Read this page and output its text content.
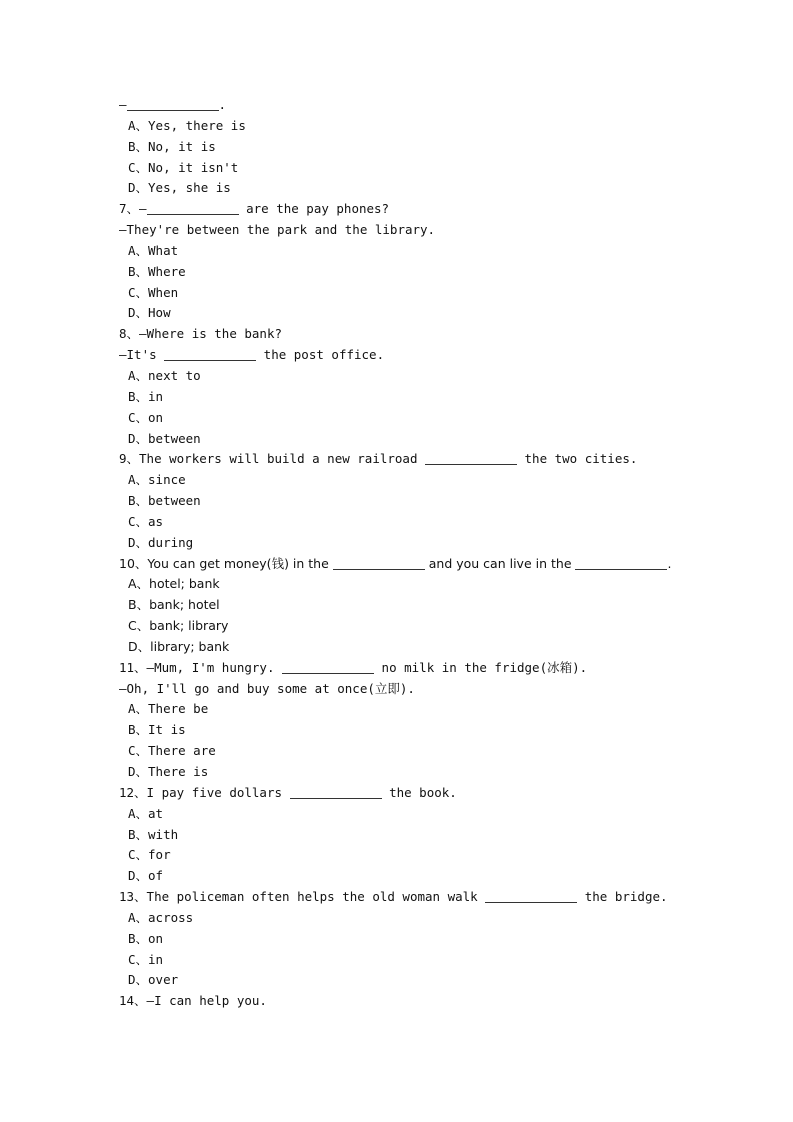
—	.
A、Yes, there is
B、No, it is
C、No, it isn't
D、Yes, she is
7、—	are the pay phones?
—They're between the park and the library.
A、What
B、Where
C、When
D、How
8、—Where is the bank?
—It's	the post office.
A、next to
B、in
C、on
D、between
9、The workers will build a new railroad	the two cities.
A、since
B、between
C、as
D、during
10、You can get money(钱) in the	and you can live in the	.
A、hotel; bank
B、bank; hotel
C、bank; library
D、library; bank
11、—Mum, I'm hungry.	no milk in the fridge(冰箱).
—Oh, I'll go and buy some at once(立即).
A、There be
B、It is
C、There are
D、There is
12、I pay five dollars	the book.
A、at
B、with
C、for
D、of
13、The policeman often helps the old woman walk	the bridge.
A、across
B、on
C、in
D、over
14、—I can help you.
